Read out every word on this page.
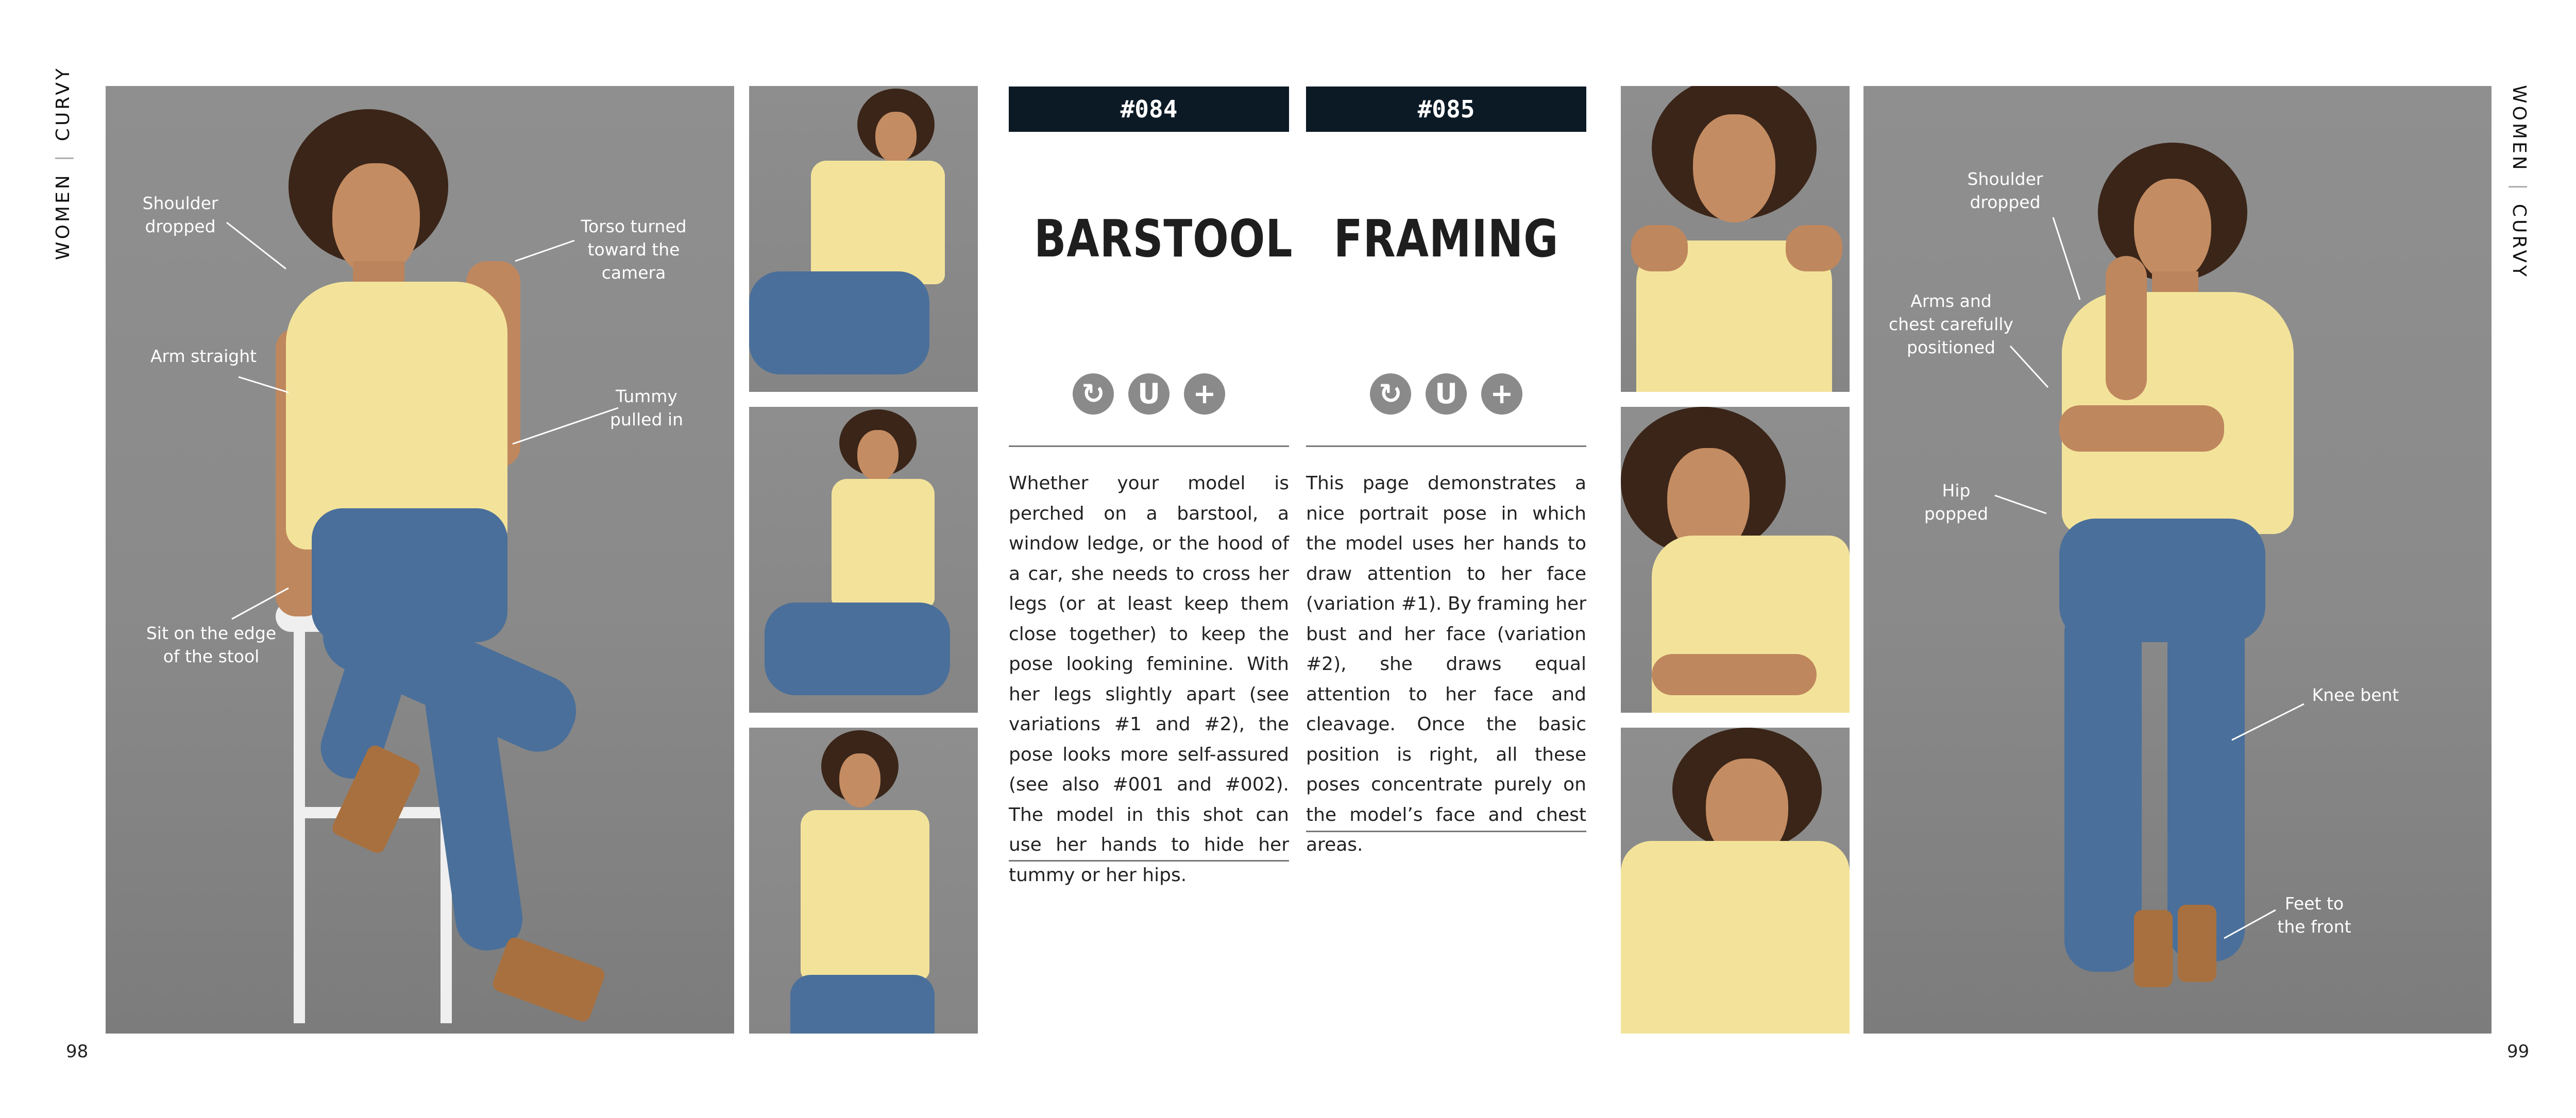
WOMEN|CURVY	WOMEN|CURVY
98	99
Shoulder
dropped	Torso turned
toward the
camera
Arm straight
Tummy
pulled in
Sit on the edge
of the stool
#084
BARSTOOL
↻	U	+
Whether your model is perched on a barstool, a window ledge, or the hood of a car, she needs to cross her legs (or at least keep them close together) to keep the pose looking feminine. With her legs slightly apart (see variations #1 and #2), the pose looks more self-assured (see also #001 and #002). The model in this shot can use her hands to hide her tummy or her hips.
#085
FRAMING
↻	U	+
This page demonstrates a nice portrait pose in which the model uses her hands to draw attention to her face (variation #1). By framing her bust and her face (variation #2), she draws equal attention to her face and cleavage. Once the basic position is right, all these poses concentrate purely on the model’s face and chest areas.
Shoulder
dropped
Arms and
chest carefully
positioned
Hip
popped
Knee bent
Feet to
the front
